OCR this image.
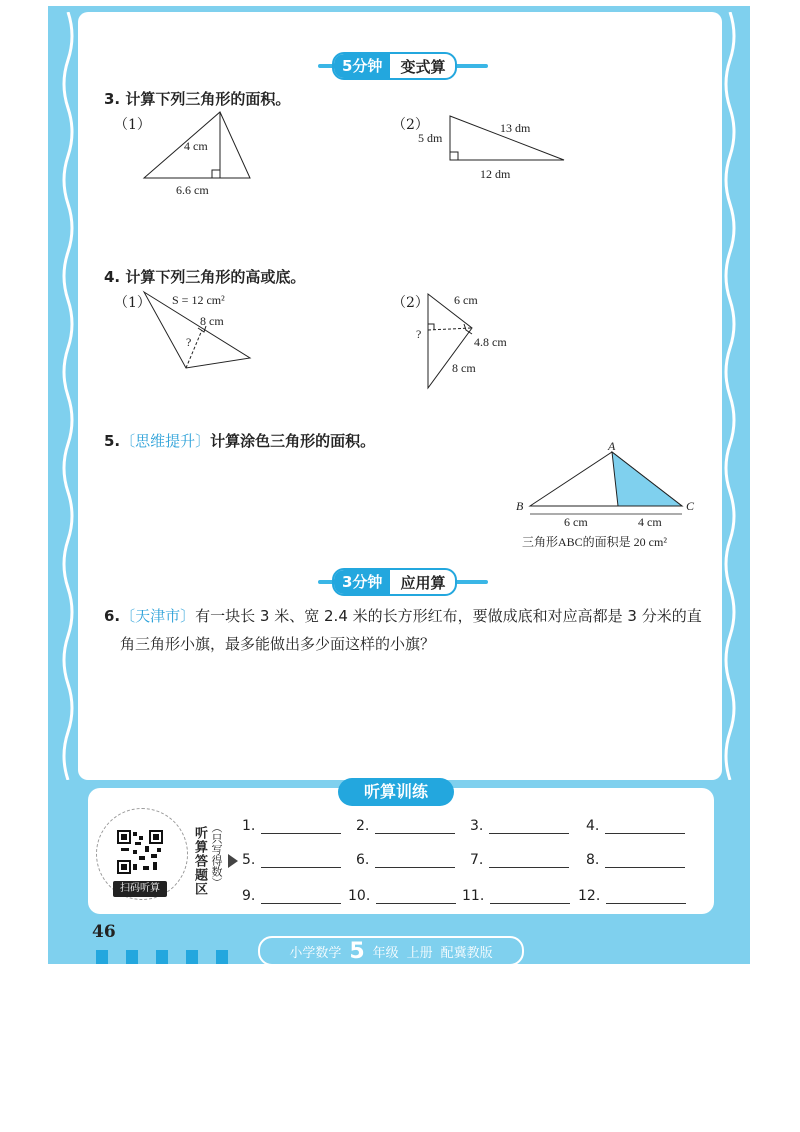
5分钟	变式算
3. 计算下列三角形的面积。
（1）
4 cm
6.6 cm
（2）
5 dm
13 dm
12 dm
4. 计算下列三角形的高或底。
（1） S = 12 cm²
8 cm
?
（2） 6 cm
4.8 cm
8 cm
?
5.〔思维提升〕计算涂色三角形的面积。	A
B	C
6 cm	4 cm
三角形ABC的面积是 20 cm²
3分钟	应用算
6.〔天津市〕有一块长 3 米、宽 2.4 米的长方形红布，要做成底和对应高都是 3 分米的直
角三角形小旗，最多能做出多少面这样的小旗？
听算训练
扫码听算	听算答题区 （只写得数） 1.	2.	3.	4.
5.	6.	7.	8.
9.	10.	11.	12.
46
小学数学 5 年级 上册 配冀教版
